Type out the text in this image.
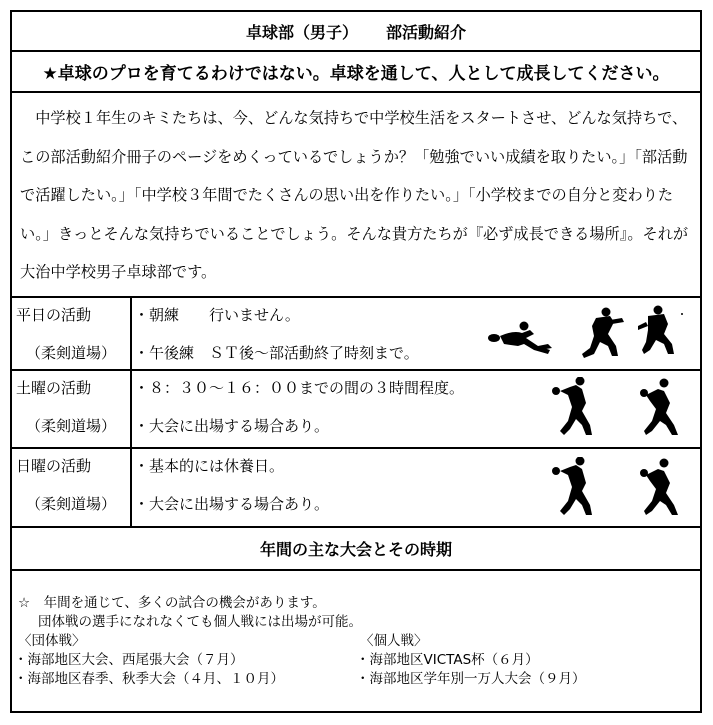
卓球部（男子） 部活動紹介
★卓球のプロを育てるわけではない。卓球を通して、人として成長してください。
中学校１年生のキミたちは、今、どんな気持ちで中学校生活をスタートさせ、どんな気持ちで、この部活動紹介冊子のページをめくっているでしょうか？「勉強でいい成績を取りたい。」「部活動で活躍したい。」「中学校３年間でたくさんの思い出を作りたい。」「小学校までの自分と変わりたい。」きっとそんな気持ちでいることでしょう。そんな貴方たちが『必ず成長できる場所』。それが大治中学校男子卓球部です。
平日の活動
（柔剣道場）
・朝練　　行いません。
・午後練　ＳＴ後～部活動終了時刻まで。
土曜の活動
（柔剣道場）
・８：３０～１６：００までの間の３時間程度。
・大会に出場する場合あり。
日曜の活動
（柔剣道場）
・基本的には休養日。
・大会に出場する場合あり。
年間の主な大会とその時期
☆　年間を通じて、多くの試合の機会があります。
団体戦の選手になれなくても個人戦には出場が可能。
〈団体戦〉
・ 海部地区大会、西尾張大会（７月）
・ 海部地区春季、秋季大会（４月、１０月）
〈個人戦〉
・ 海部地区VICTAS杯（６月）
・ 海部地区学年別一万人大会（９月）
